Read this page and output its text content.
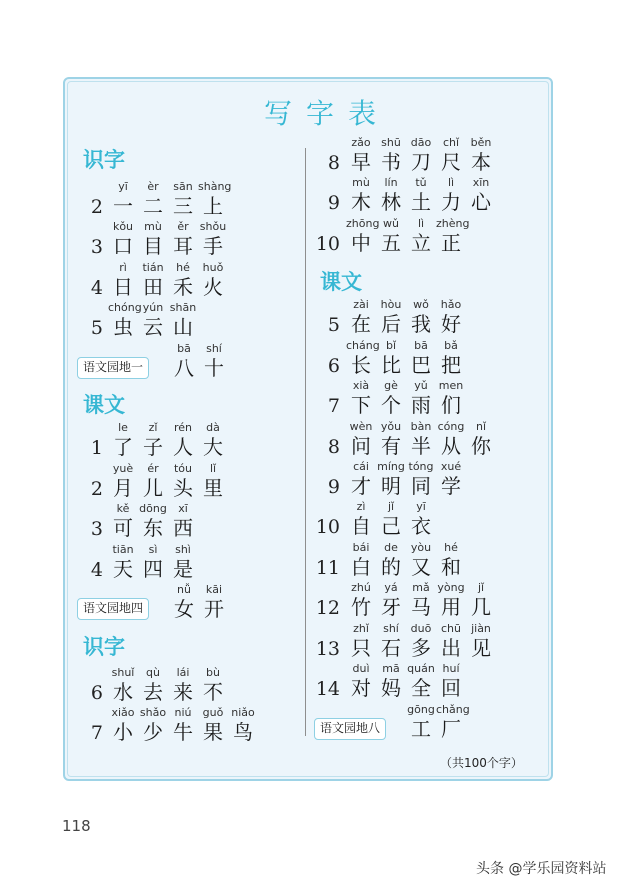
写字表
识字
2
yī
一
èr
二
sān
三
shàng
上
3
kǒu
口
mù
目
ěr
耳
shǒu
手
4
rì
日
tián
田
hé
禾
huǒ
火
5
chóng
虫
yún
云
shān
山
语文园地一
bā
八
shí
十
课文
1
le
了
zǐ
子
rén
人
dà
大
2
yuè
月
ér
儿
tóu
头
lǐ
里
3
kě
可
dōng
东
xī
西
4
tiān
天
sì
四
shì
是
语文园地四
nǚ
女
kāi
开
识字
6
shuǐ
水
qù
去
lái
来
bù
不
7
xiǎo
小
shǎo
少
niú
牛
guǒ
果
niǎo
鸟
8
zǎo
早
shū
书
dāo
刀
chǐ
尺
běn
本
9
mù
木
lín
林
tǔ
土
lì
力
xīn
心
10
zhōng
中
wǔ
五
lì
立
zhèng
正
课文
5
zài
在
hòu
后
wǒ
我
hǎo
好
6
cháng
长
bǐ
比
bā
巴
bǎ
把
7
xià
下
gè
个
yǔ
雨
men
们
8
wèn
问
yǒu
有
bàn
半
cóng
从
nǐ
你
9
cái
才
míng
明
tóng
同
xué
学
10
zì
自
jǐ
己
yī
衣
11
bái
白
de
的
yòu
又
hé
和
12
zhú
竹
yá
牙
mǎ
马
yòng
用
jǐ
几
13
zhǐ
只
shí
石
duō
多
chū
出
jiàn
见
14
duì
对
mā
妈
quán
全
huí
回
语文园地八
gōng
工
chǎng
厂
（共100个字）
118
头条 @学乐园资料站
